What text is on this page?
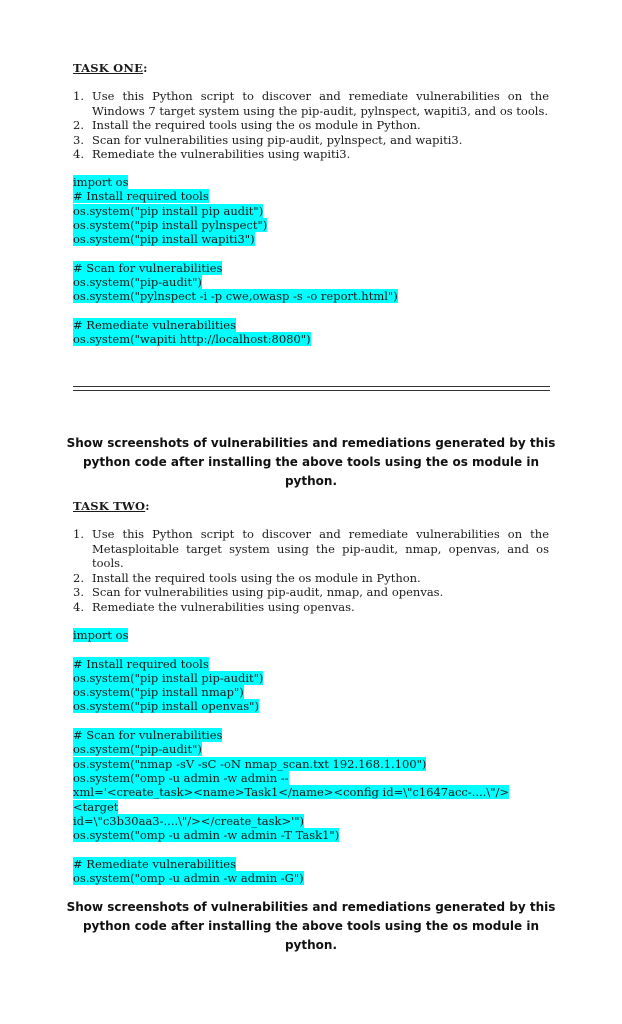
TASK ONE:
1. Use this Python script to discover and remediate vulnerabilities on the Windows 7 target system using the pip-audit, pylnspect, wapiti3, and os tools.
2. Install the required tools using the os module in Python.
3. Scan for vulnerabilities using pip-audit, pylnspect, and wapiti3.
4. Remediate the vulnerabilities using wapiti3.
import os
# Install required tools
os.system("pip install pip audit")
os.system("pip install pylnspect")
os.system("pip install wapiti3")
# Scan for vulnerabilities
os.system("pip-audit")
os.system("pylnspect -i -p cwe,owasp -s -o report.html")
# Remediate vulnerabilities
os.system("wapiti http://localhost:8080")
Show screenshots of vulnerabilities and remediations generated by this python code after installing the above tools using the os module in python.
TASK TWO:
1. Use this Python script to discover and remediate vulnerabilities on the Metasploitable target system using the pip-audit, nmap, openvas, and os tools.
2. Install the required tools using the os module in Python.
3. Scan for vulnerabilities using pip-audit, nmap, and openvas.
4. Remediate the vulnerabilities using openvas.
import os
# Install required tools
os.system("pip install pip-audit")
os.system("pip install nmap")
os.system("pip install openvas")
# Scan for vulnerabilities
os.system("pip-audit")
os.system("nmap -sV -sC -oN nmap_scan.txt 192.168.1.100")
os.system("omp -u admin -w admin --
xml='<create_task><name>Task1</name><config id=\"c1647acc-....\"/><target
id=\"c3b30aa3-....\"/></create_task>'")
os.system("omp -u admin -w admin -T Task1")
# Remediate vulnerabilities
os.system("omp -u admin -w admin -G")
Show screenshots of vulnerabilities and remediations generated by this python code after installing the above tools using the os module in python.
